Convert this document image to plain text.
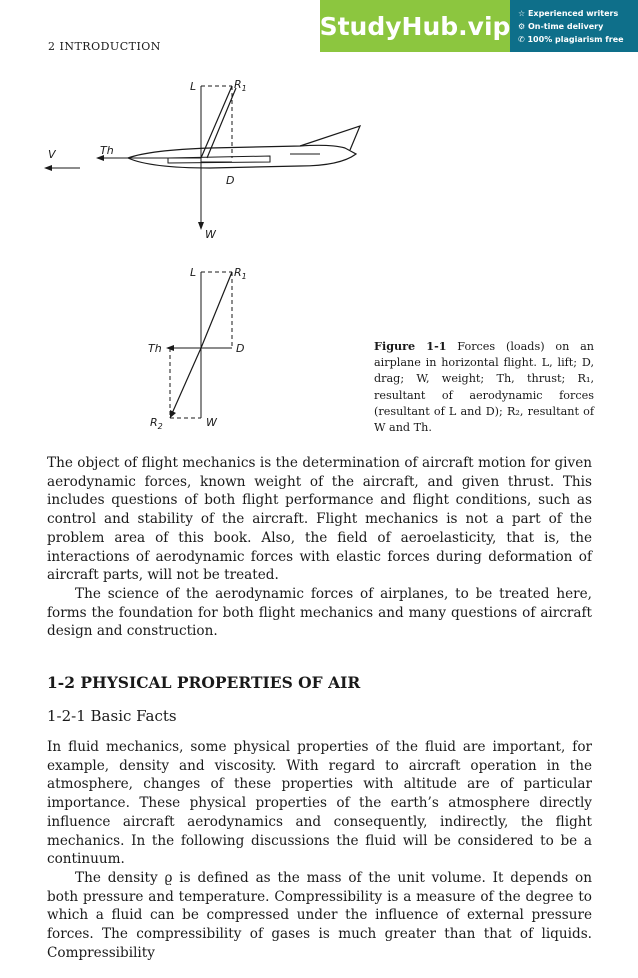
2 INTRODUCTION
StudyHub.vip ☆ Experienced writers
⚙ On-time delivery
✆ 100% plagiarism free
L	$R_1$
V	Th
D
W
L	$R_1$
Th	D
$R_2$	W
Figure 1-1 Forces (loads) on an airplane in horizontal flight. L, lift; D, drag; W, weight; Th, thrust; R₁, resultant of aerodynamic forces (resultant of L and D); R₂, resultant of W and Th.

The object of flight mechanics is the determination of aircraft motion for given aerodynamic forces, known weight of the aircraft, and given thrust. This includes questions of both flight performance and flight conditions, such as control and stability of the aircraft. Flight mechanics is not a part of the problem area of this book. Also, the field of aeroelasticity, that is, the interactions of aerodynamic forces with elastic forces during deformation of aircraft parts, will not be treated.

The science of the aerodynamic forces of airplanes, to be treated here, forms the foundation for both flight mechanics and many questions of aircraft design and construction.

1-2 PHYSICAL PROPERTIES OF AIR
1-2-1 Basic Facts

In fluid mechanics, some physical properties of the fluid are important, for example, density and viscosity. With regard to aircraft operation in the atmosphere, changes of these properties with altitude are of particular importance. These physical properties of the earth’s atmosphere directly influence aircraft aerodynamics and consequently, indirectly, the flight mechanics. In the following discussions the fluid will be considered to be a continuum.

The density ϱ is defined as the mass of the unit volume. It depends on both pressure and temperature. Compressibility is a measure of the degree to which a fluid can be compressed under the influence of external pressure forces. The compressibility of gases is much greater than that of liquids. Compressibility
